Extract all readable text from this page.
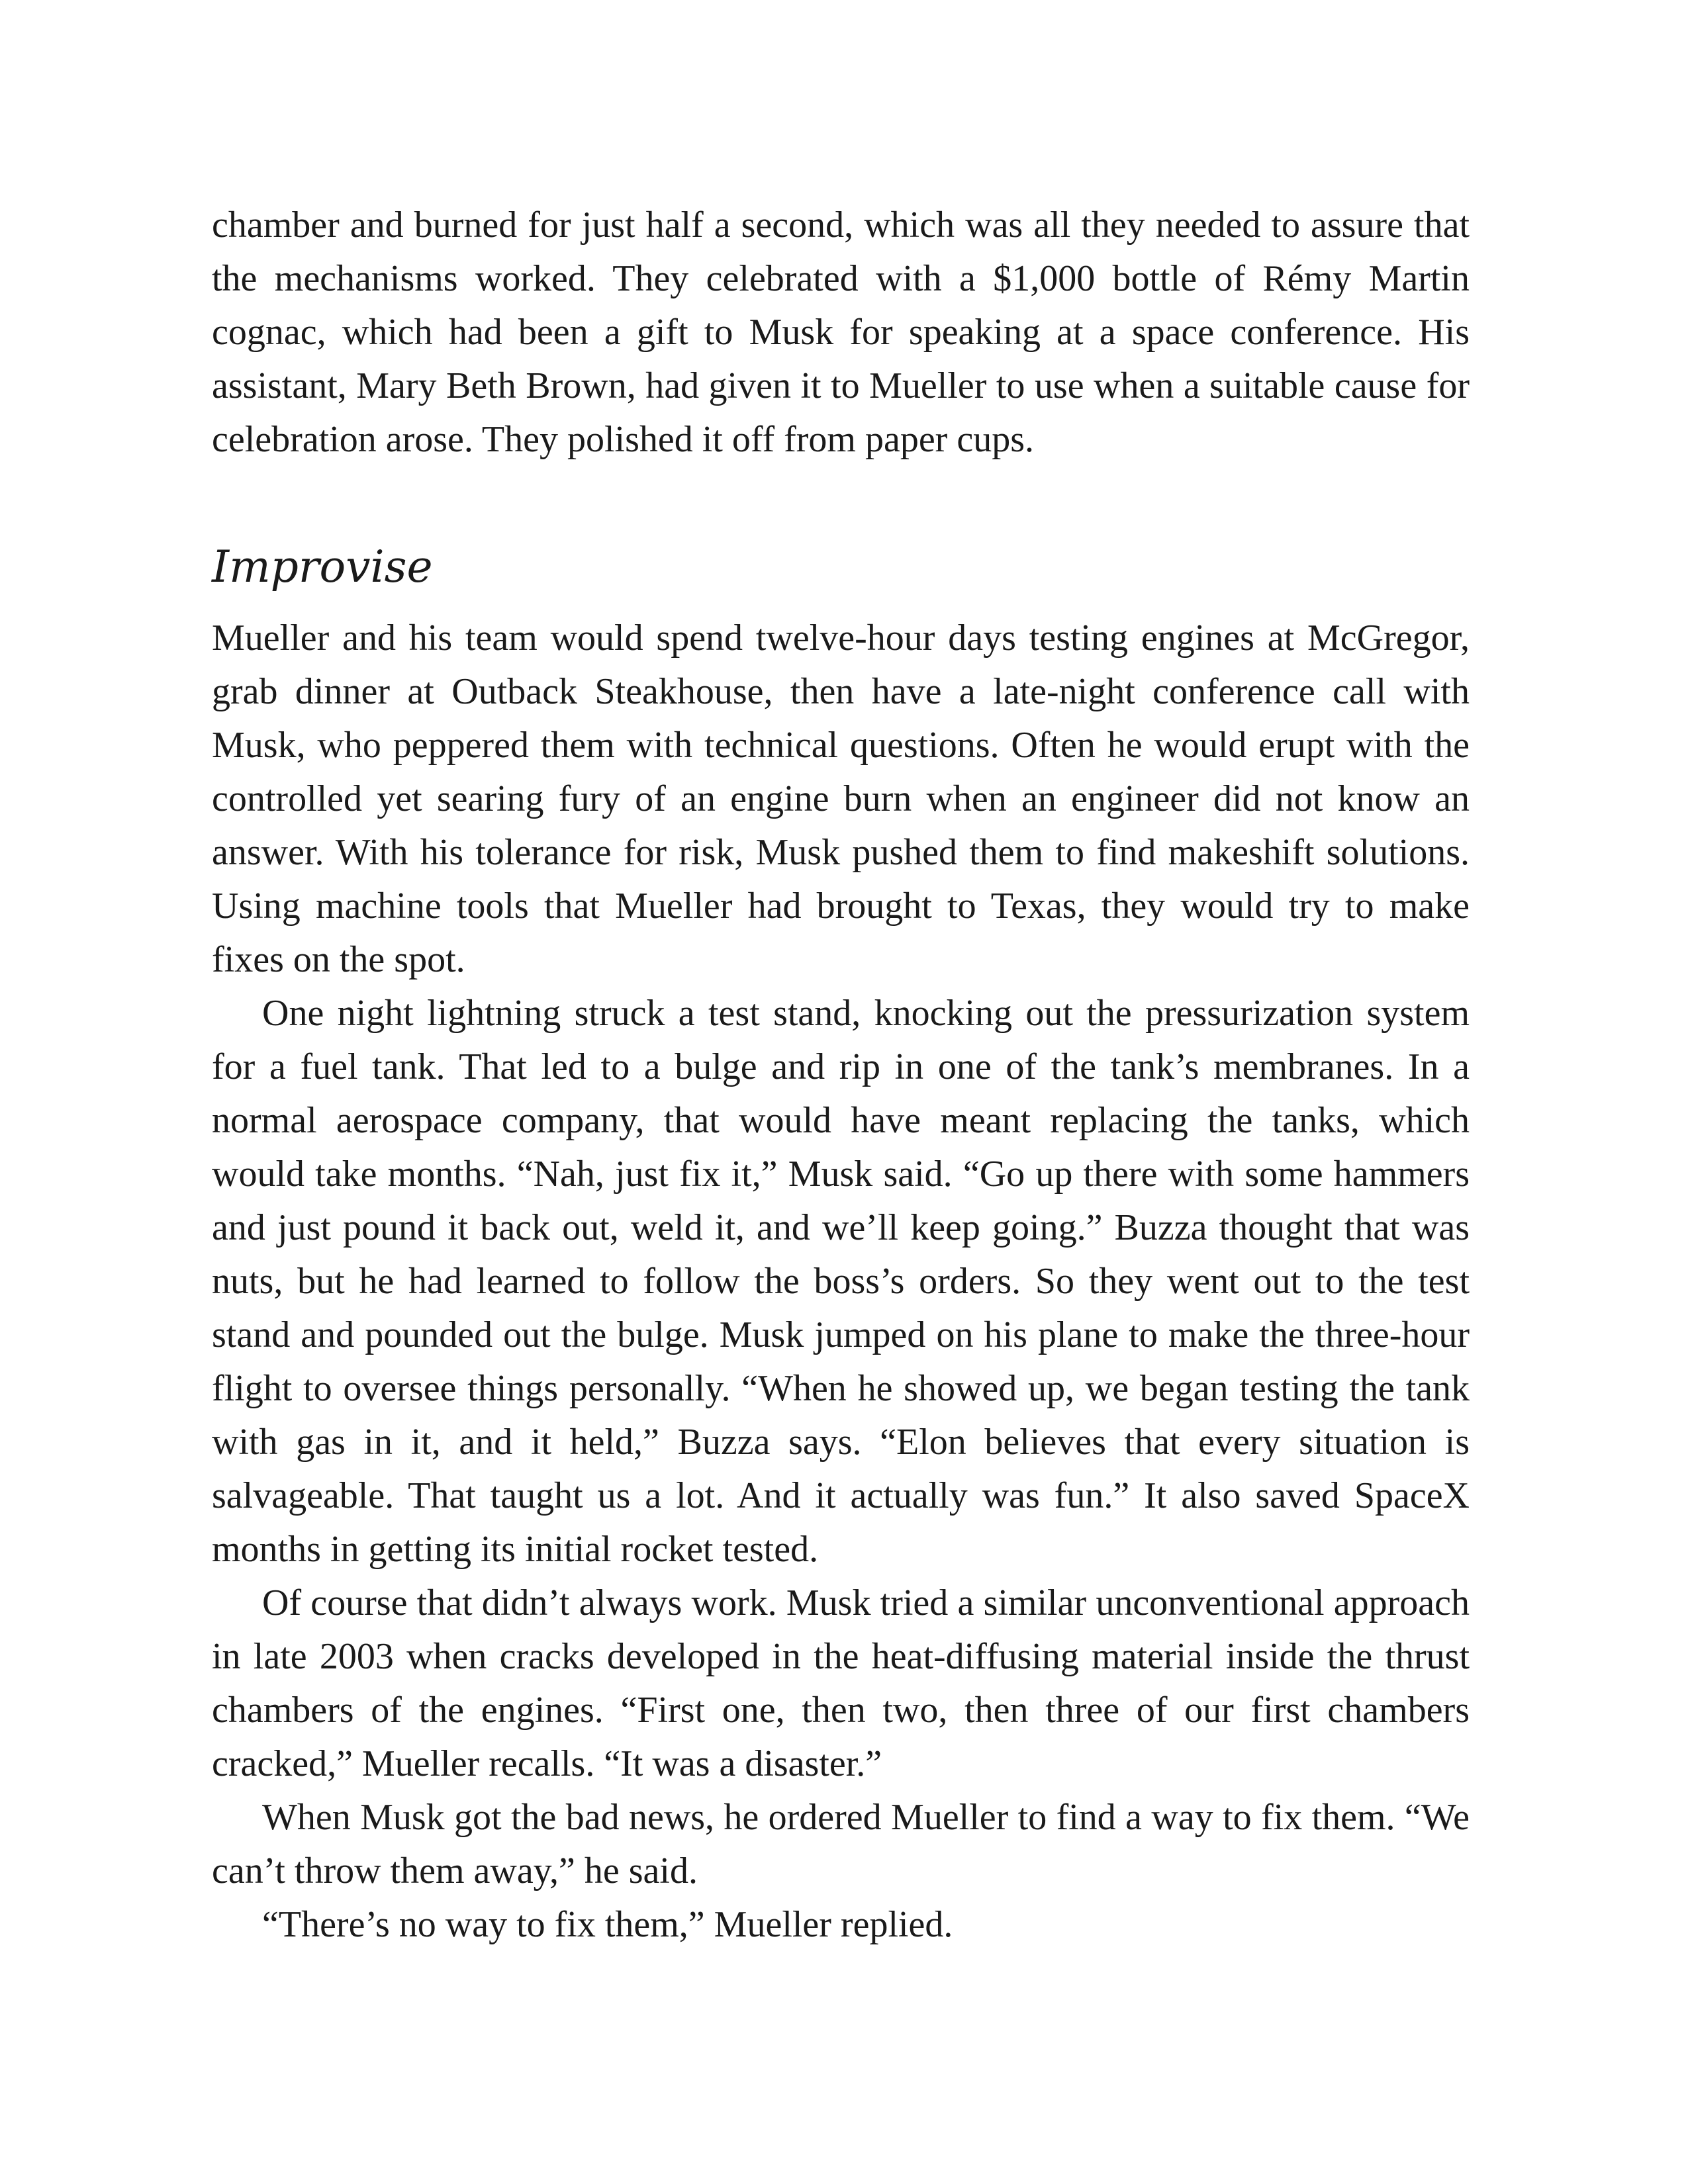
chamber and burned for just half a second, which was all they needed to assure that the mechanisms worked. They celebrated with a $1,000 bottle of Rémy Martin cognac, which had been a gift to Musk for speaking at a space conference. His assistant, Mary Beth Brown, had given it to Mueller to use when a suitable cause for celebration arose. They polished it off from paper cups.

Improvise

Mueller and his team would spend twelve-hour days testing engines at McGregor, grab dinner at Outback Steakhouse, then have a late-night conference call with Musk, who peppered them with technical questions. Often he would erupt with the controlled yet searing fury of an engine burn when an engineer did not know an answer. With his tolerance for risk, Musk pushed them to find makeshift solutions. Using machine tools that Mueller had brought to Texas, they would try to make fixes on the spot.

One night lightning struck a test stand, knocking out the pressurization system for a fuel tank. That led to a bulge and rip in one of the tank’s membranes. In a normal aerospace company, that would have meant replacing the tanks, which would take months. “Nah, just fix it,” Musk said. “Go up there with some hammers and just pound it back out, weld it, and we’ll keep going.” Buzza thought that was nuts, but he had learned to follow the boss’s orders. So they went out to the test stand and pounded out the bulge. Musk jumped on his plane to make the three-hour flight to oversee things personally. “When he showed up, we began testing the tank with gas in it, and it held,” Buzza says. “Elon believes that every situation is salvageable. That taught us a lot. And it actually was fun.” It also saved SpaceX months in getting its initial rocket tested.

Of course that didn’t always work. Musk tried a similar unconventional approach in late 2003 when cracks developed in the heat-diffusing material inside the thrust chambers of the engines. “First one, then two, then three of our first chambers cracked,” Mueller recalls. “It was a disaster.”

When Musk got the bad news, he ordered Mueller to find a way to fix them. “We can’t throw them away,” he said.

“There’s no way to fix them,” Mueller replied.
